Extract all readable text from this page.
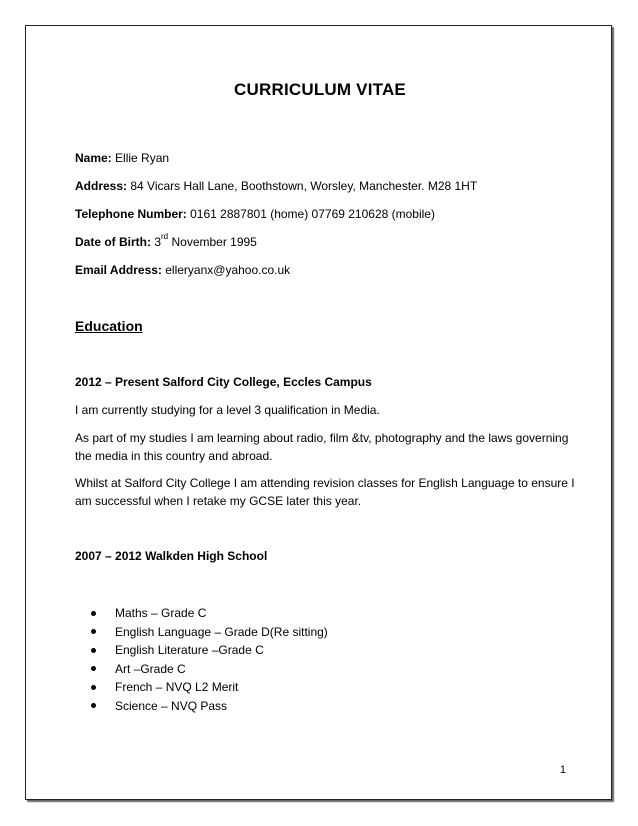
CURRICULUM VITAE
Name: Ellie Ryan
Address: 84 Vicars Hall Lane, Boothstown, Worsley, Manchester. M28 1HT
Telephone Number: 0161 2887801 (home) 07769 210628 (mobile)
Date of Birth: 3rd November 1995
Email Address: elleryanx@yahoo.co.uk
Education
2012 – Present Salford City College, Eccles Campus
I am currently studying for a level 3 qualification in Media.
As part of my studies I am learning about radio, film &tv, photography and the laws governing the media in this country and abroad.
Whilst at Salford City College I am attending revision classes for English Language to ensure I am successful when I retake my GCSE later this year.
2007 – 2012 Walkden High School
Maths – Grade C
English Language – Grade D(Re sitting)
English Literature –Grade C
Art –Grade C
French – NVQ L2 Merit
Science – NVQ Pass
1
